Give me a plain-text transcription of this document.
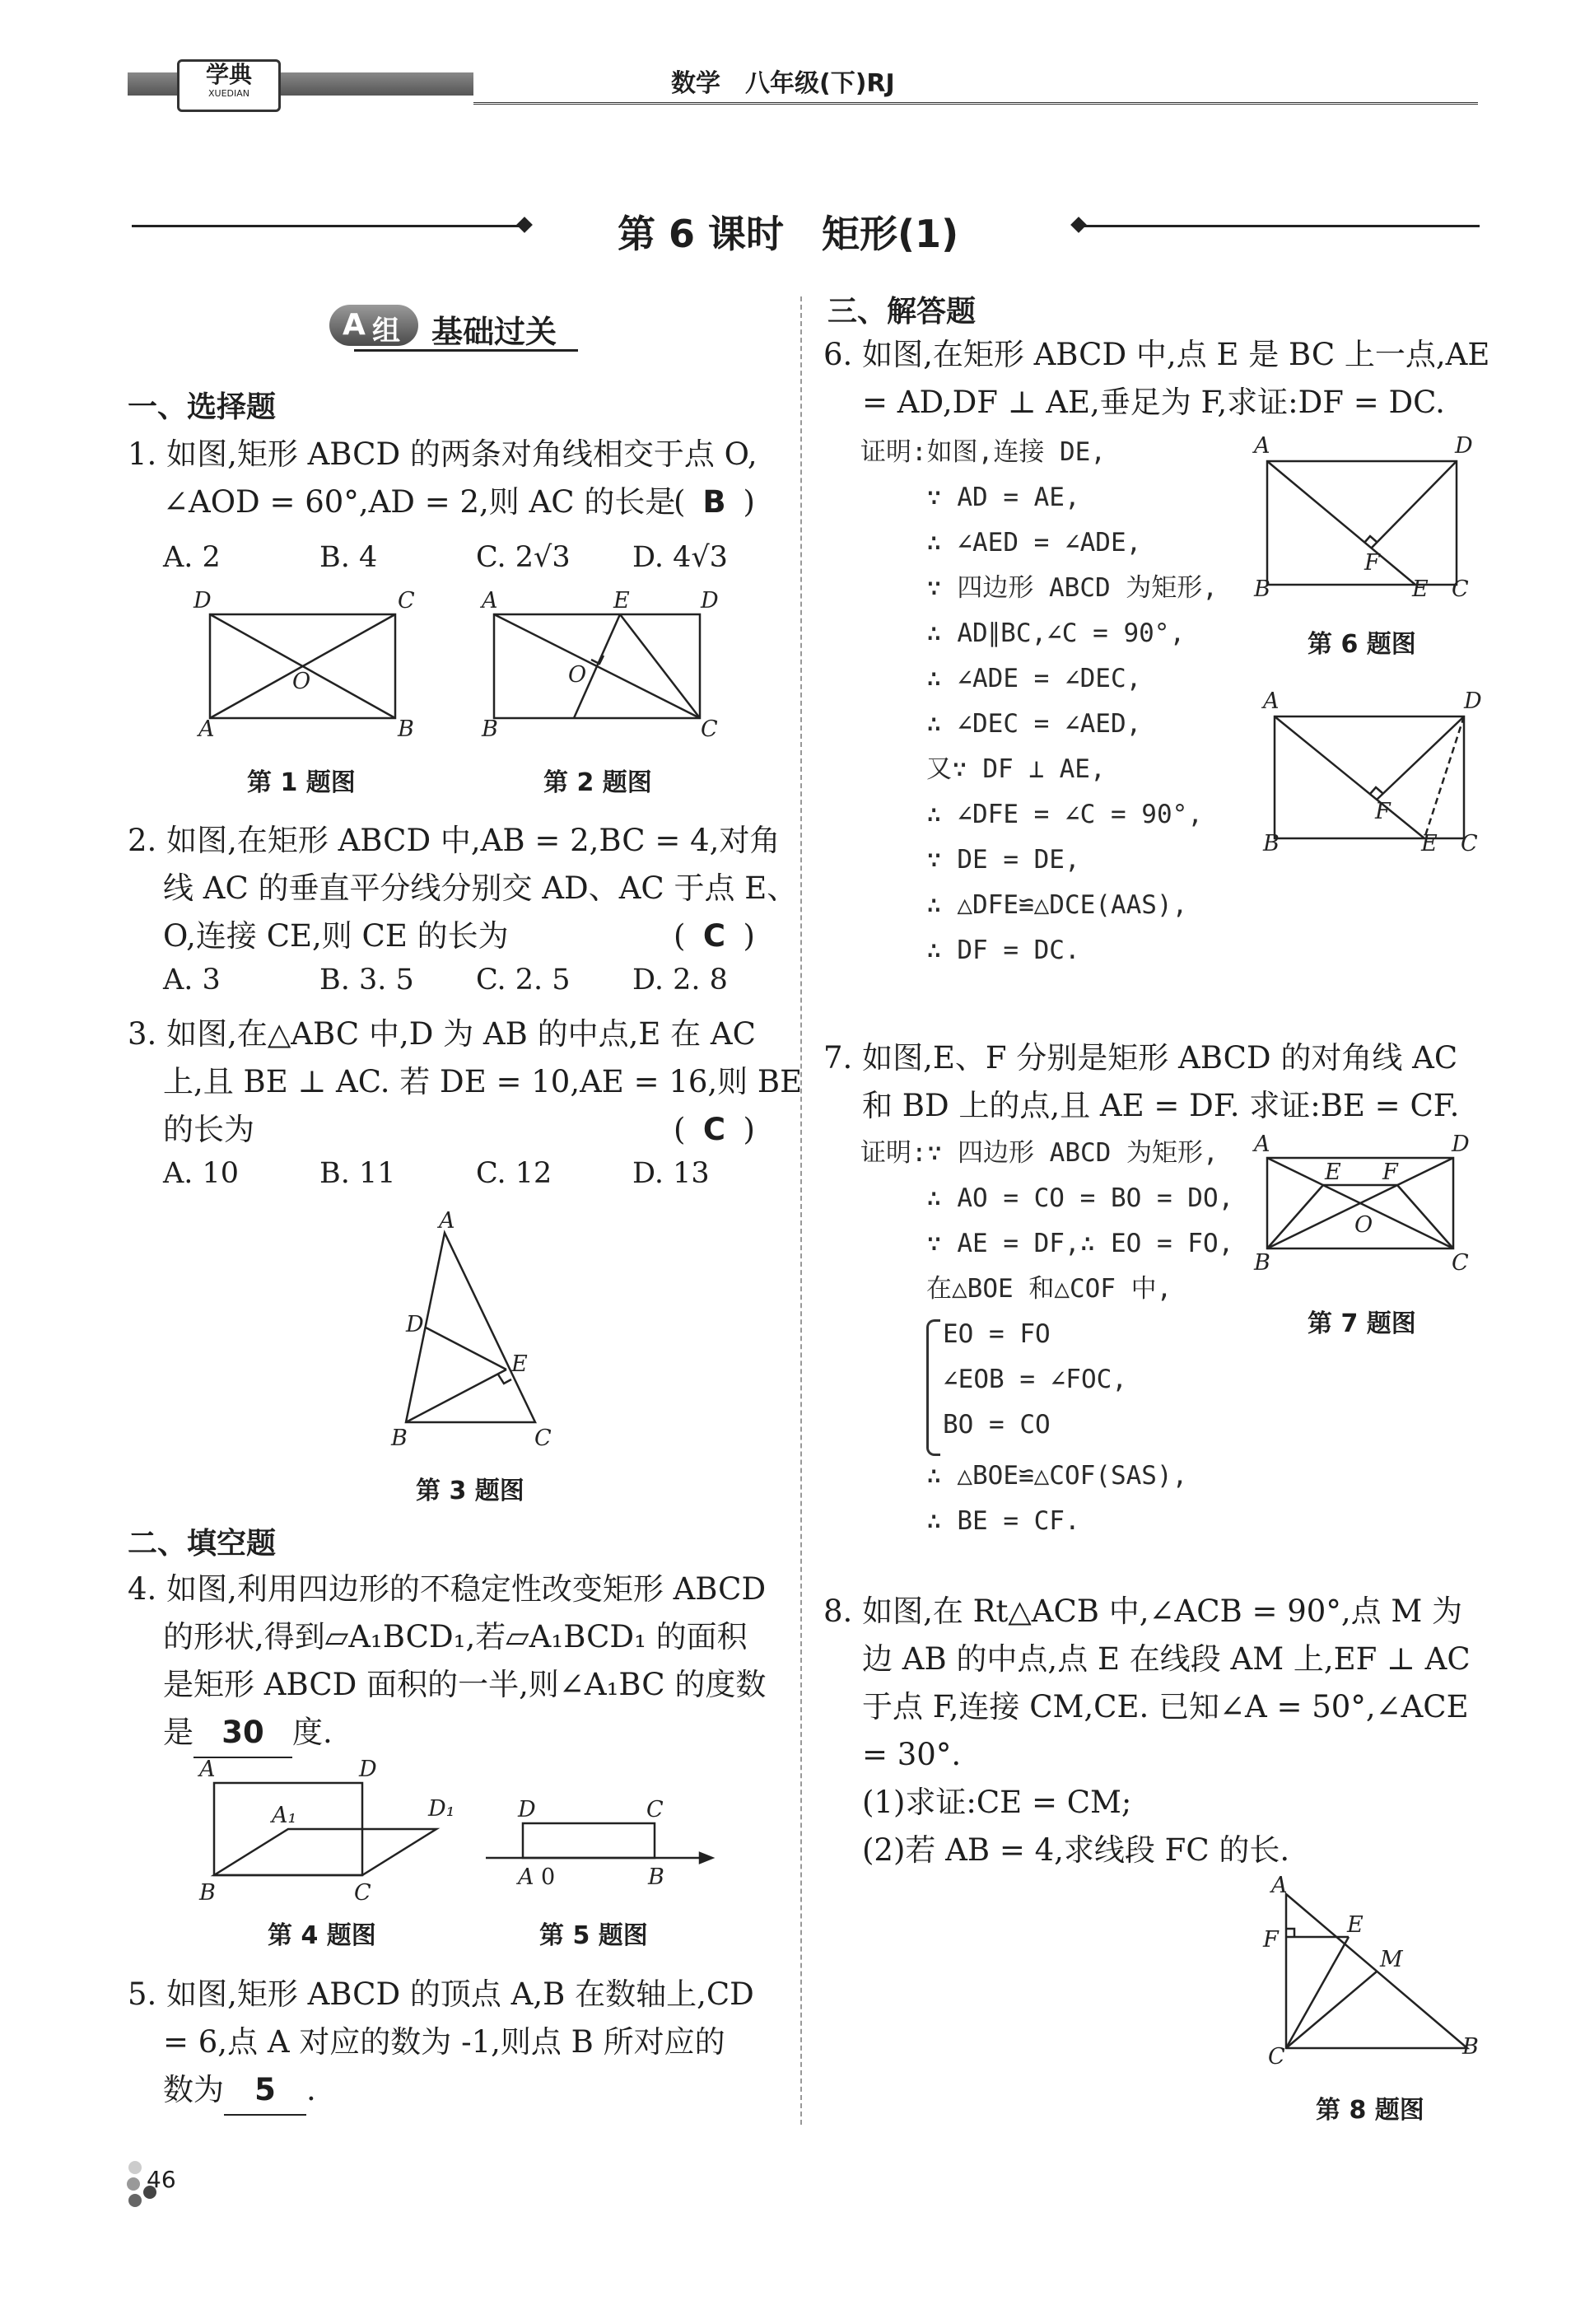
学典
XUEDIAN	数学　八年级(下)RJ
第 6 课时　矩形(1)
A 组 基础过关
一、选择题
1. 如图,矩形 ABCD 的两条对角线相交于点 O,
∠AOD = 60°,AD = 2,则 AC 的长是
( B )
A. 2	B. 4	C. 2√3 D. 4√3
D	C
A	B
O
第 1 题图
A	E	D
B	C
O
第 2 题图
2. 如图,在矩形 ABCD 中,AB = 2,BC = 4,对角
线 AC 的垂直平分线分别交 AD、AC 于点 E、
O,连接 CE,则 CE 的长为	( C )
A. 3	B. 3. 5 C. 2. 5 D. 2. 8
3. 如图,在△ABC 中,D 为 AB 的中点,E 在 AC
上,且 BE ⊥ AC. 若 DE = 10,AE = 16,则 BE
的长为	( C )
A. 10	B. 11	C. 12	D. 13
A
D
E
B	C
第 3 题图
二、填空题
4. 如图,利用四边形的不稳定性改变矩形 ABCD
的形状,得到▱A₁BCD₁,若▱A₁BCD₁ 的面积
是矩形 ABCD 面积的一半,则∠A₁BC 的度数
是 30 度.
A	D
A₁	D₁
B	C
第 4 题图
D	C
A 0	B
第 5 题图
5. 如图,矩形 ABCD 的顶点 A,B 在数轴上,CD
= 6,点 A 对应的数为 -1,则点 B 所对应的
数为 5 .
三、解答题
6. 如图,在矩形 ABCD 中,点 E 是 BC 上一点,AE
= AD,DF ⊥ AE,垂足为 F,求证:DF = DC.
证明:如图,连接 DE,
∵ AD = AE,
∴ ∠AED = ∠ADE,
∵ 四边形 ABCD 为矩形,
∴ AD∥BC,∠C = 90°,
∴ ∠ADE = ∠DEC,
∴ ∠DEC = ∠AED,
又∵ DF ⊥ AE,
∴ ∠DFE = ∠C = 90°,
∵ DE = DE,
∴ △DFE≌△DCE(AAS),
∴ DF = DC.
A	D
F
B	E C
第 6 题图
A	D
F
B	E C
7. 如图,E、F 分别是矩形 ABCD 的对角线 AC
和 BD 上的点,且 AE = DF. 求证:BE = CF.
证明:∵ 四边形 ABCD 为矩形,
∴ AO = CO = BO = DO,
∵ AE = DF,∴ EO = FO,
在△BOE 和△COF 中,
EO = FO
∠EOB = ∠FOC,
BO = CO
∴ △BOE≌△COF(SAS),
∴ BE = CF.
A	D
E F
O
B	C
第 7 题图
8. 如图,在 Rt△ACB 中,∠ACB = 90°,点 M 为
边 AB 的中点,点 E 在线段 AM 上,EF ⊥ AC
于点 F,连接 CM,CE. 已知∠A = 50°,∠ACE
= 30°.
(1)求证:CE = CM;
(2)若 AB = 4,求线段 FC 的长.
A
F
E
M
C	B
第 8 题图
46
